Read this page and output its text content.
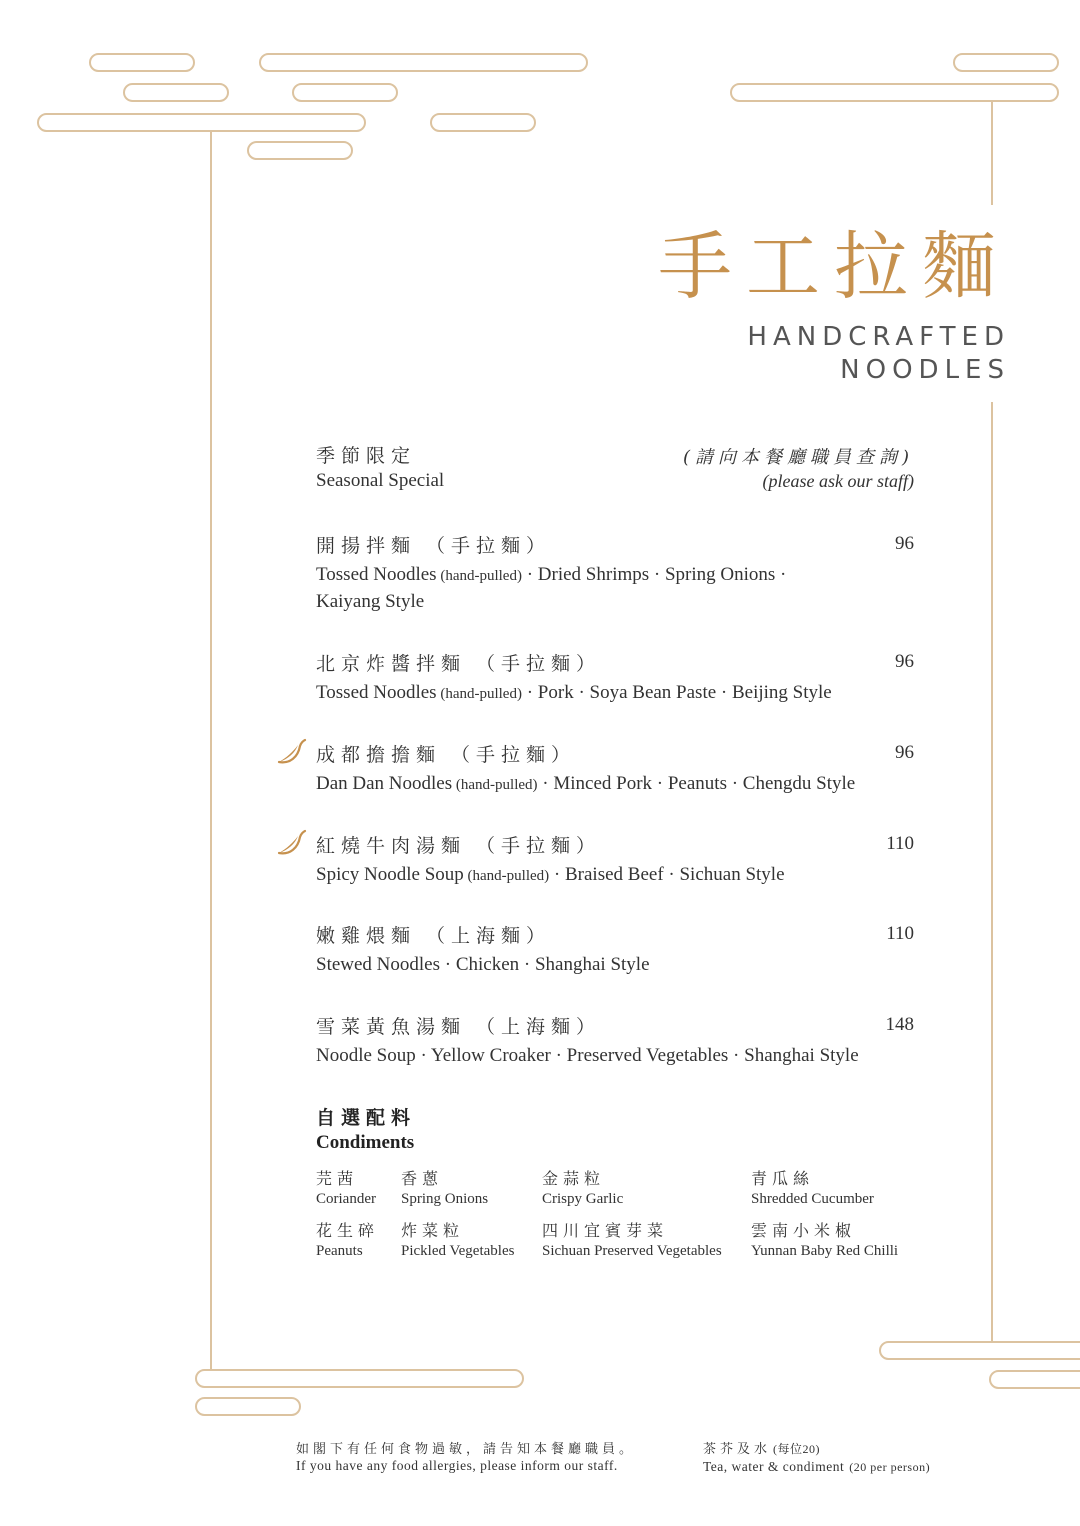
手工拉麵
HANDCRAFTED
NOODLES
季節限定
Seasonal Special
(請向本餐廳職員查詢)
(please ask our staff)
開揚拌麵 （手拉麵）
Tossed Noodles (hand-pulled) · Dried Shrimps · Spring Onions ·
Kaiyang Style
96
北京炸醬拌麵 （手拉麵）
Tossed Noodles (hand-pulled) · Pork · Soya Bean Paste · Beijing Style
96
成都擔擔麵 （手拉麵）
Dan Dan Noodles (hand-pulled) · Minced Pork · Peanuts · Chengdu Style
96
紅燒牛肉湯麵 （手拉麵）
Spicy Noodle Soup (hand-pulled) · Braised Beef · Sichuan Style
110
嫩雞煨麵 （上海麵）
Stewed Noodles · Chicken · Shanghai Style
110
雪菜黃魚湯麵 （上海麵）
Noodle Soup · Yellow Croaker · Preserved Vegetables · Shanghai Style
148
自選配料
Condiments
芫茜
Coriander
香蔥
Spring Onions
金蒜粒
Crispy Garlic
青瓜絲
Shredded Cucumber
花生碎
Peanuts
炸菜粒
Pickled Vegetables
四川宜賓芽菜
Sichuan Preserved Vegetables
雲南小米椒
Yunnan Baby Red Chilli
如閣下有任何食物過敏，請告知本餐廳職員。
If you have any food allergies, please inform our staff.
茶芥及水 (每位20)
Tea, water & condiment (20 per person)
